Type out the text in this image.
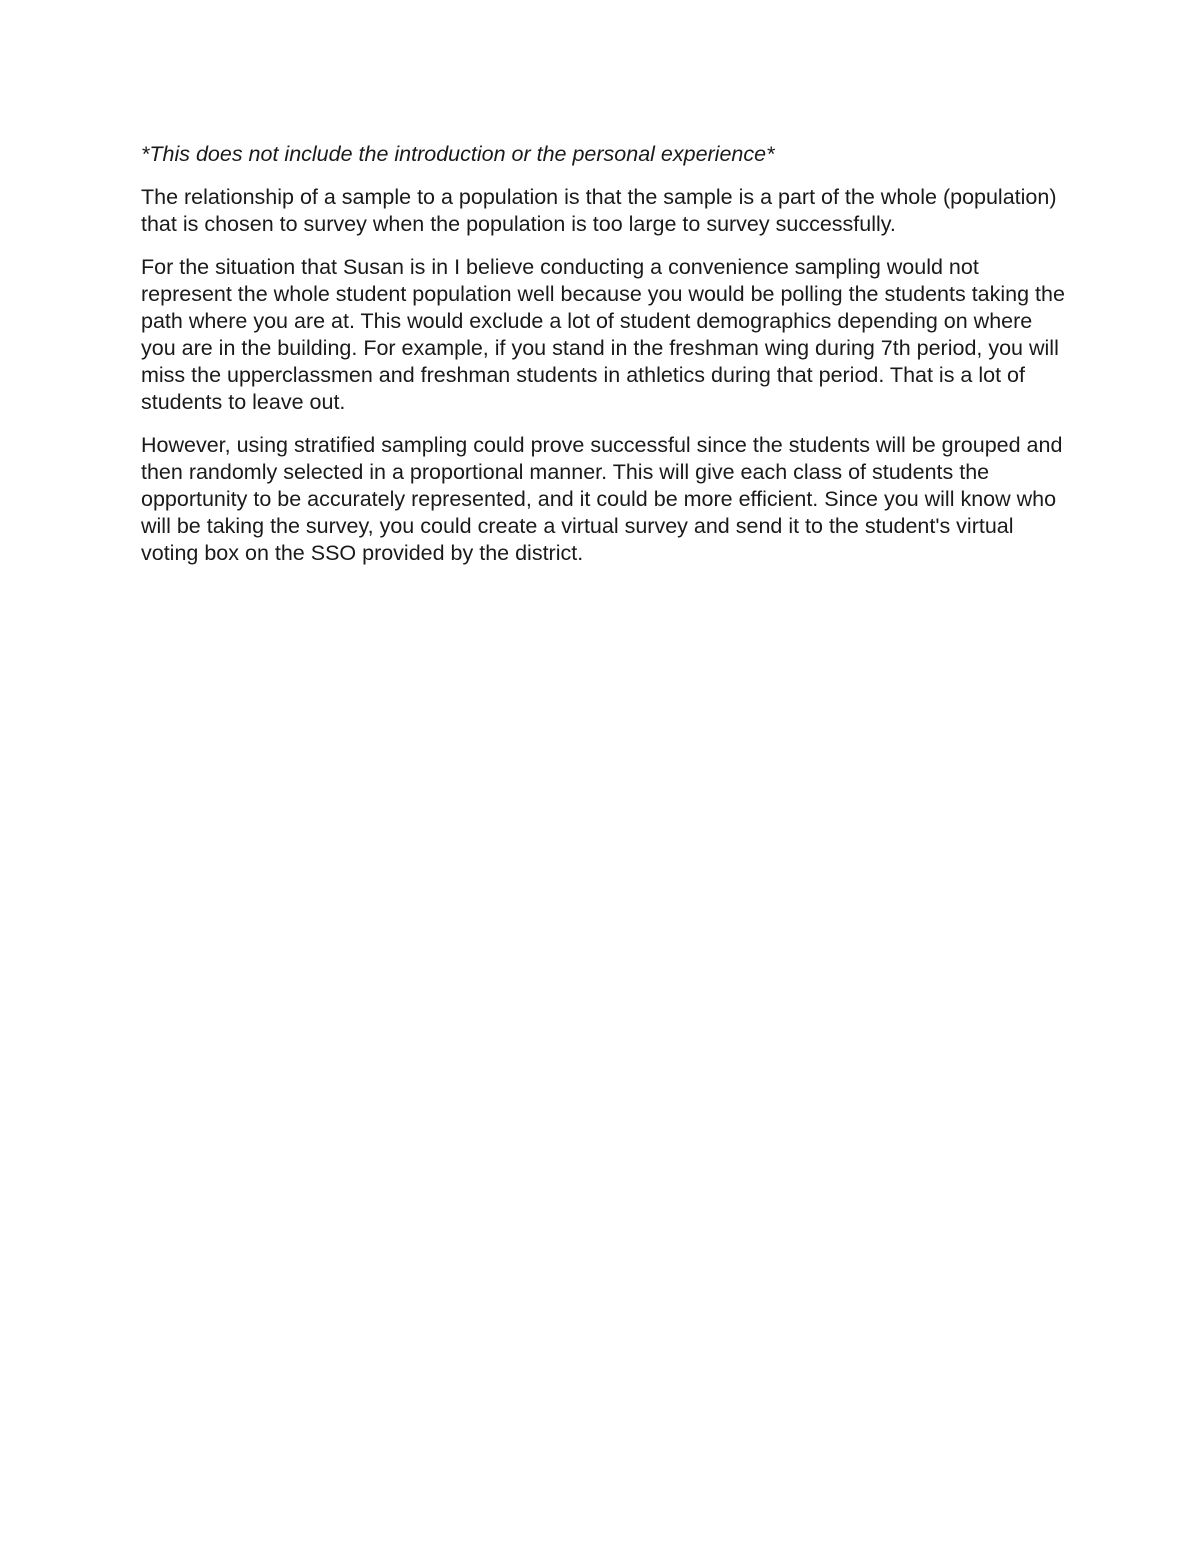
*This does not include the introduction or the personal experience*

The relationship of a sample to a population is that the sample is a part of the whole (population) that is chosen to survey when the population is too large to survey successfully.

For the situation that Susan is in I believe conducting a convenience sampling would not represent the whole student population well because you would be polling the students taking the path where you are at. This would exclude a lot of student demographics depending on where you are in the building. For example, if you stand in the freshman wing during 7th period, you will miss the upperclassmen and freshman students in athletics during that period. That is a lot of students to leave out.

However, using stratified sampling could prove successful since the students will be grouped and then randomly selected in a proportional manner. This will give each class of students the opportunity to be accurately represented, and it could be more efficient. Since you will know who will be taking the survey, you could create a virtual survey and send it to the student's virtual voting box on the SSO provided by the district.
